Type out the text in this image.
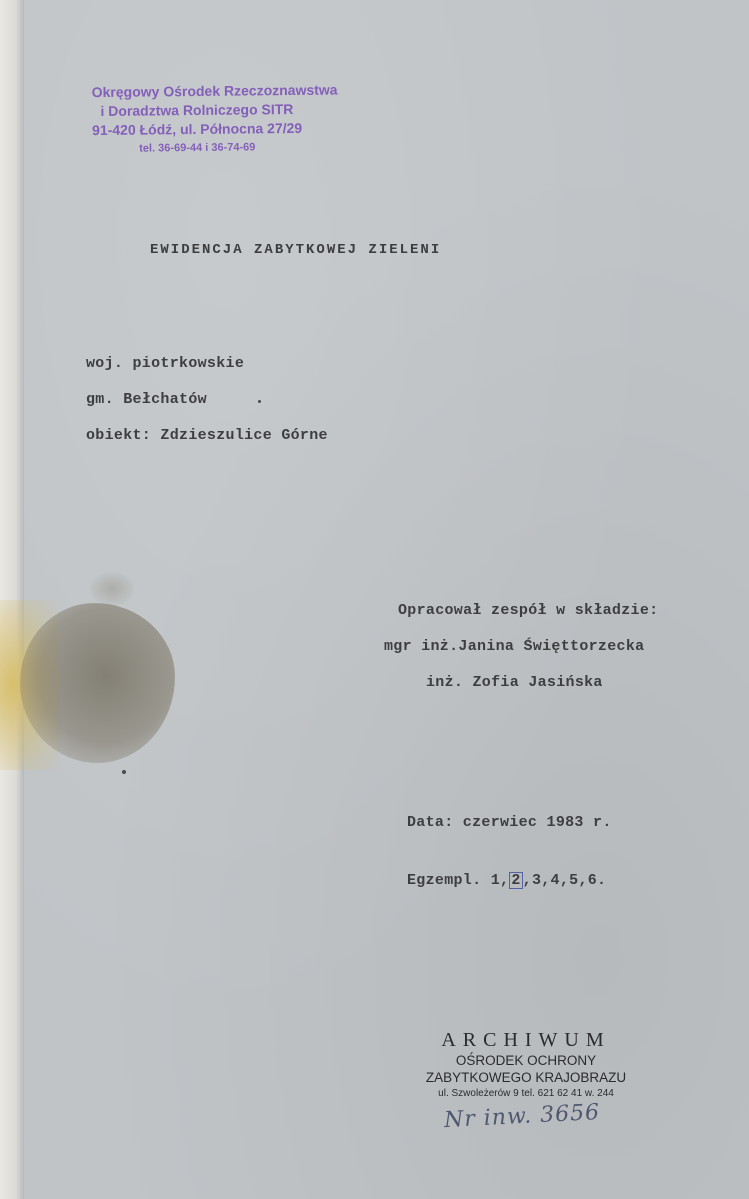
Okręgowy Ośrodek Rzeczoznawstwa
i Doradztwa Rolniczego SITR
91-420 Łódź, ul. Północna 27/29
tel. 36-69-44 i 36-74-69
EWIDENCJA ZABYTKOWEJ ZIELENI
woj. piotrkowskie
gm. Bełchatów
obiekt: Zdzieszulice Górne
Opracował zespół w składzie:
mgr inż.Janina Święttorzecka
inż. Zofia Jasińska
Data: czerwiec 1983 r.
Egzempl. 1, 2 ,3,4,5,6.
ARCHIWUM
OŚRODEK OCHRONY
ZABYTKOWEGO KRAJOBRAZU
ul. Szwoleżerów 9 tel. 621 62 41 w. 244
Nr inw. 3656
